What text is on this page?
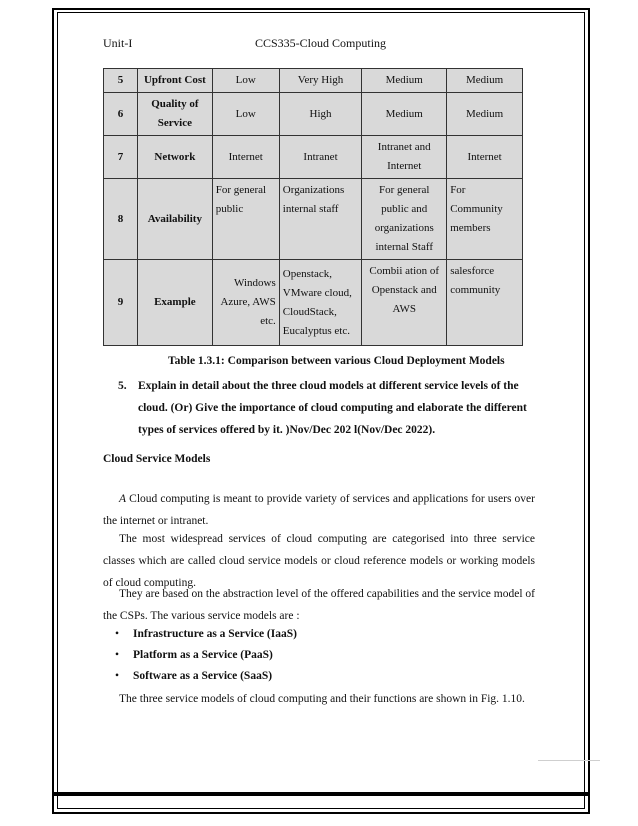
Unit-I	CCS335-Cloud Computing
5	Upfront Cost	Low	Very High	Medium	Medium
6	Quality of Service	Low	High	Medium	Medium
7	Network	Internet	Intranet	Intranet and Internet	Internet
8	Availability	For general public	Organizations internal staff	For general public and organizations internal Staff	For Community members
9	Example	Windows Azure, AWS etc.	Openstack, VMware cloud, CloudStack, Eucalyptus etc.	Combii ation of Openstack and AWS	salesforce community
Table 1.3.1: Comparison between various Cloud Deployment Models
5. Explain in detail about the three cloud models at different service levels of the cloud. (Or) Give the importance of cloud computing and elaborate the different types of services offered by it. )Nov/Dec 202 l(Nov/Dec 2022).
Cloud Service Models
A Cloud computing is meant to provide variety of services and applications for users over the internet or intranet.
The most widespread services of cloud computing are categorised into three service classes which are called cloud service models or cloud reference models or working models of cloud computing.
They are based on the abstraction level of the offered capabilities and the service model of the CSPs. The various service models are :
• Infrastructure as a Service (IaaS)
• Platform as a Service (PaaS)
• Software as a Service (SaaS)
The three service models of cloud computing and their functions are shown in Fig. 1.10.
